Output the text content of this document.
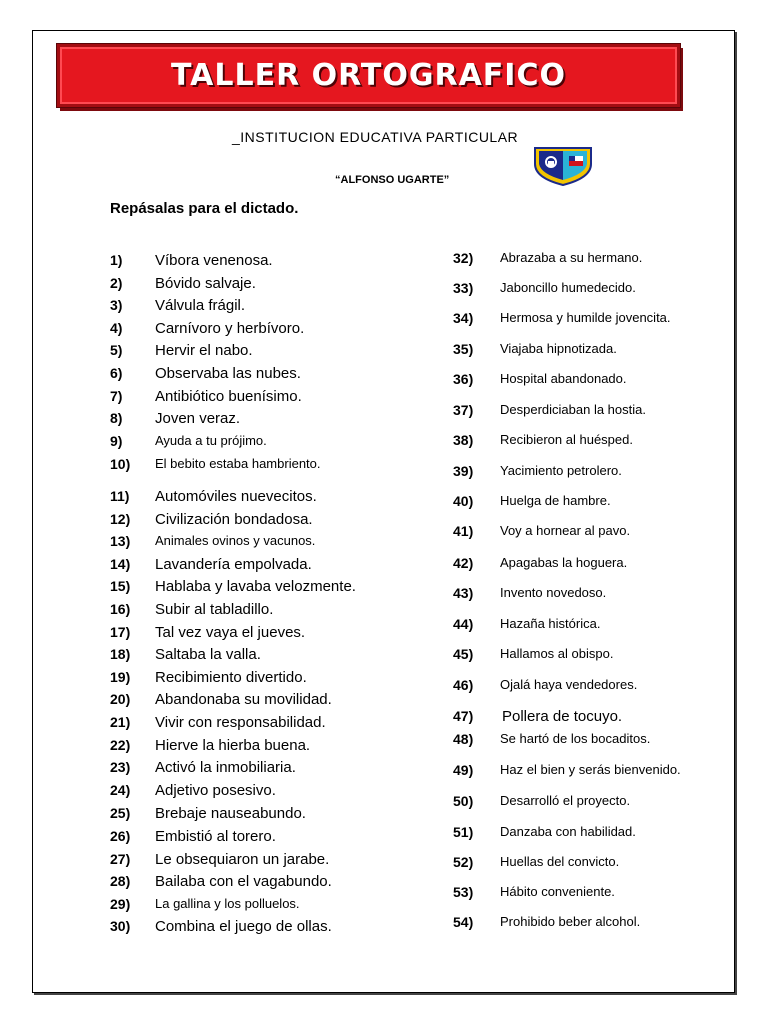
TALLER ORTOGRAFICO
_INSTITUCION EDUCATIVA PARTICULAR
“ALFONSO UGARTE”
Repásalas para el dictado.
1) Víbora venenosa.
2) Bóvido salvaje.
3) Válvula frágil.
4) Carnívoro y herbívoro.
5) Hervir el nabo.
6) Observaba las nubes.
7) Antibiótico buenísimo.
8) Joven veraz.
9)	Ayuda a tu prójimo.
10) El bebito estaba hambriento.
11) Automóviles nuevecitos.
12) Civilización bondadosa.
13) Animales ovinos y vacunos.
14) Lavandería empolvada.
15) Hablaba y lavaba velozmente.
16) Subir al tabladillo.
17) Tal vez vaya el jueves.
18) Saltaba la valla.
19) Recibimiento divertido.
20) Abandonaba su movilidad.
21) Vivir con responsabilidad.
22) Hierve la hierba buena.
23) Activó la inmobiliaria.
24) Adjetivo posesivo.
25) Brebaje nauseabundo.
26) Embistió al torero.
27) Le obsequiaron un jarabe.
28) Bailaba con el vagabundo.
29) La gallina y los polluelos.
30) Combina el juego de ollas.
32) Abrazaba a su hermano.
33) Jaboncillo humedecido.
34) Hermosa y humilde jovencita.
35) Viajaba hipnotizada.
36) Hospital abandonado.
37) Desperdiciaban la hostia.
38) Recibieron al huésped.
39) Yacimiento petrolero.
40) Huelga de hambre.
41) Voy a hornear al pavo.
42) Apagabas la hoguera.
43) Invento novedoso.
44) Hazaña histórica.
45) Hallamos al obispo.
46) Ojalá haya vendedores.
47) Pollera de tocuyo.
48) Se hartó de los bocaditos.
49) Haz el bien y serás bienvenido.
50) Desarrolló el proyecto.
51) Danzaba con habilidad.
52) Huellas del convicto.
53) Hábito conveniente.
54) Prohibido beber alcohol.
